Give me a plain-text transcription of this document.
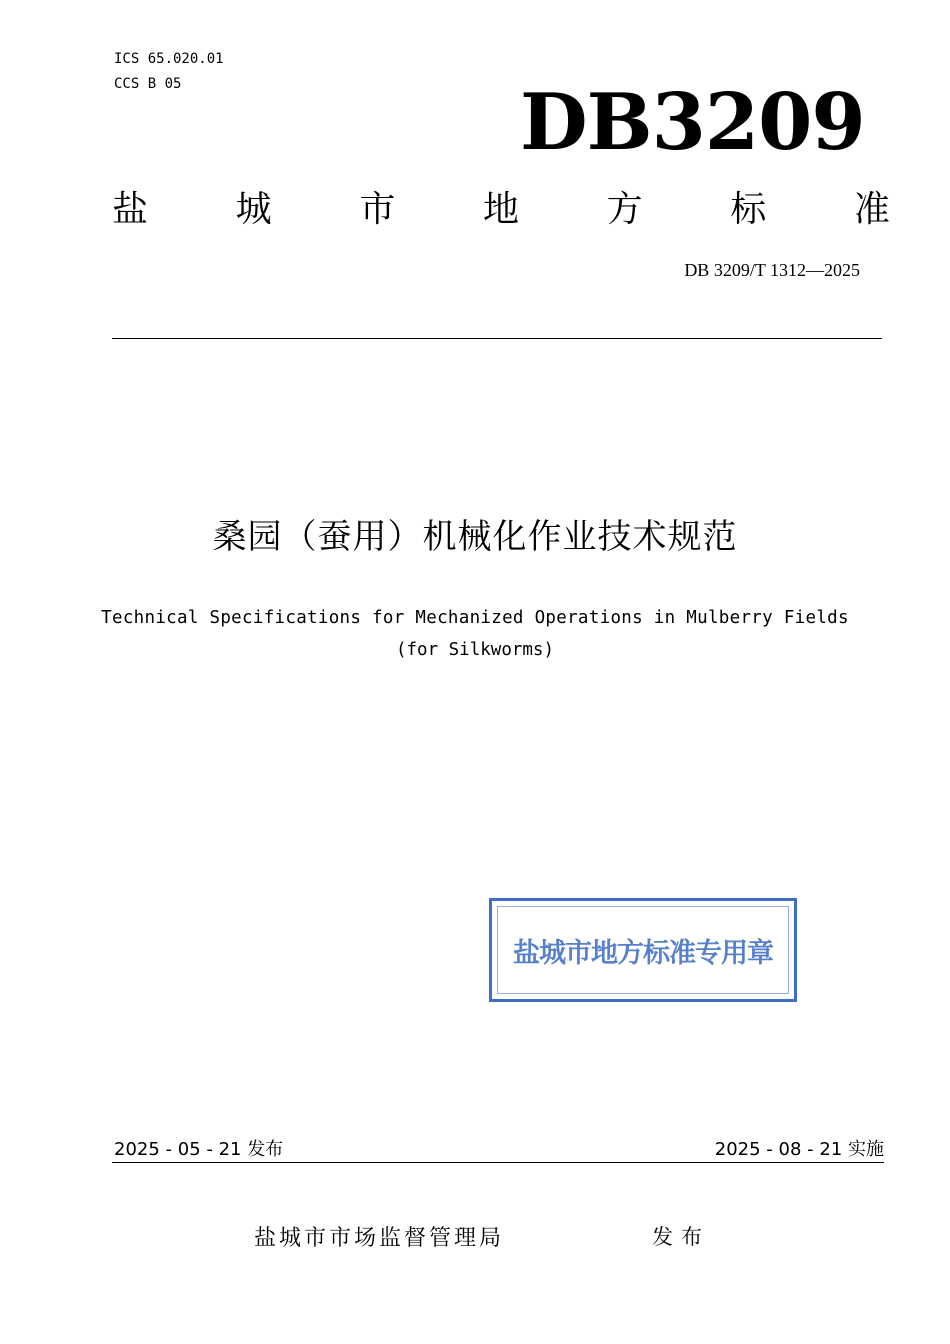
ICS 65.020.01
CCS B 05	DB3209
盐 城 市 地 方 标 准
DB 3209/T 1312—2025
桑园（蚕用）机械化作业技术规范
Technical Specifications for Mechanized Operations in Mulberry Fields
(for Silkworms)
盐城市地方标准专用章
2025 - 05 - 21 发布	2025 - 08 - 21 实施
盐城市市场监督管理局	发布
